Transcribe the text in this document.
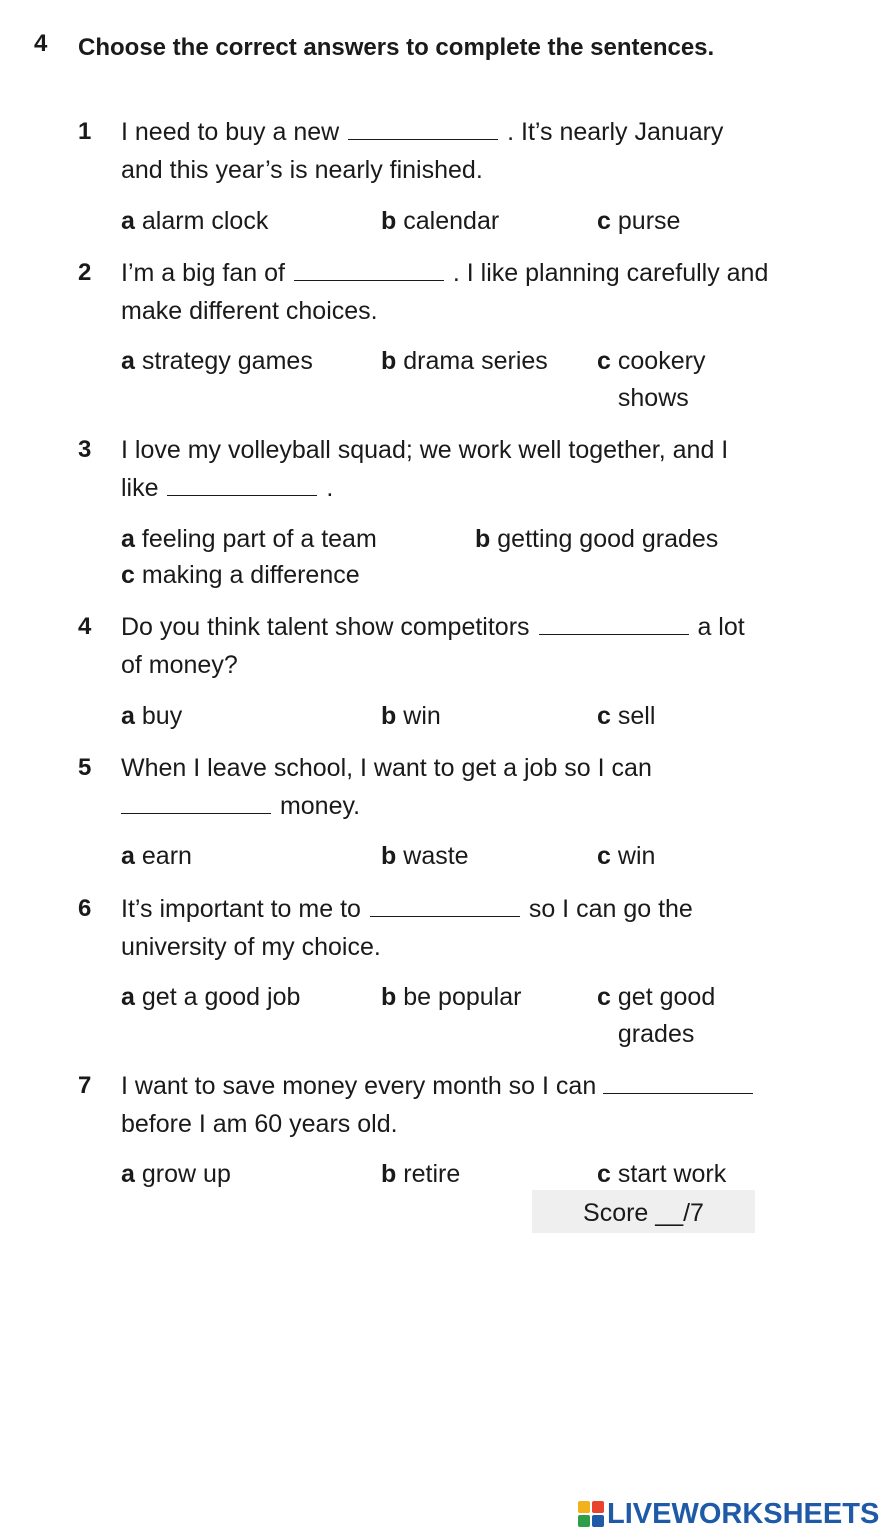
4 Choose the correct answers to complete the sentences.
1 I need to buy a new	. It’s nearly January and this year’s is nearly finished.
a alarm clock	b calendar	c purse
2 I’m a big fan of	. I like planning carefully and make different choices.
a strategy games	b drama series c cookery shows
3 I love my volleyball squad; we work well together, and I like	.
a feeling part of a team	b getting good grades
c making a difference
4 Do you think talent show competitors	a lot of money?
a buy	b win	c sell
5 When I leave school, I want to get a job so I can  money.
a earn	b waste	c win
6 It’s important to me to	so I can go the university of my choice.
a get a good job	b be popular	c get good grades
7 I want to save money every month so I can  before I am 60 years old.
a grow up	b retire	c start work
Score __/7
LIVEWORKSHEETS
